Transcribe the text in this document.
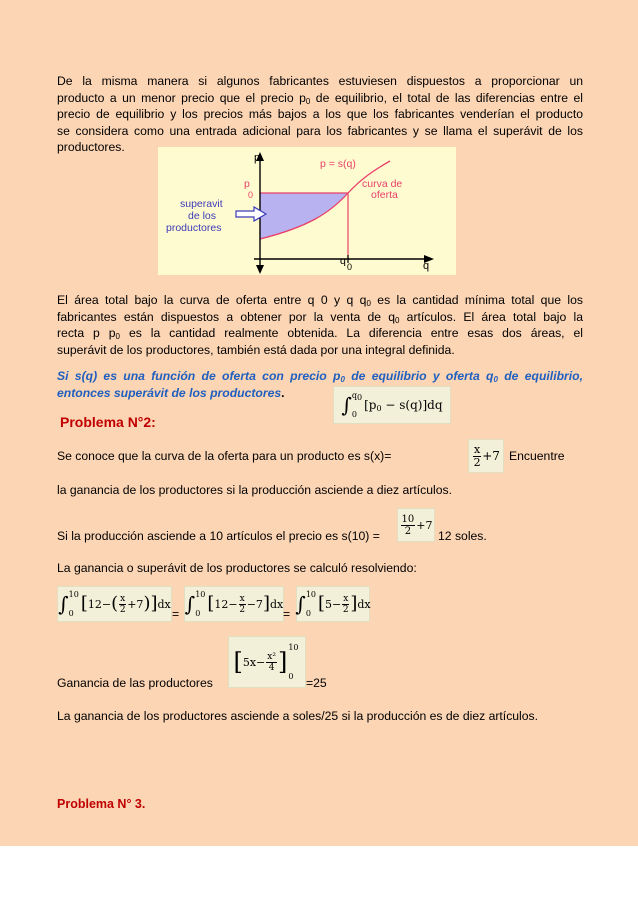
De la misma manera si algunos fabricantes estuviesen dispuestos a proporcionar un
producto a un menor precio que el precio $p_0$ de equilibrio, el total de las diferencias entre el
precio de equilibrio y los precios más bajos a los que los fabricantes venderían el producto
se considera como una entrada adicional para los fabricantes y se llama el superávit de los
productores.
p
q
p = s(q)
curva de
oferta
p
0
q 0
superavit
de los
productores
El área total bajo la curva de oferta entre q 0 y q $q_0$ es la cantidad mínima total que los
fabricantes están dispuestos a obtener por la venta de $q_0$ artículos. El área total bajo la
recta p $p_0$ es la cantidad realmente obtenida. La diferencia entre esas dos áreas, el
superávit de los productores, también está dada por una integral definida.
Si s(q) es una función de oferta con precio $p_0$ de equilibrio y oferta $q_0$ de equilibrio,
entonces superávit de los productores.
∫ $q_0$
0
$[p_0 - s(q)]dq$
Problema N°2:
Se conoce que la curva de la oferta para un producto es s(x)=	$\frac{x}{2} +7$ Encuentre
la ganancia de los productores si la producción asciende a diez artículos.
Si la producción asciende a 10 artículos el precio es s(10) =	$\frac{10}{2} +7$
12 soles.
La ganancia o superávit de los productores se calculó resolviendo:
∫ 10
0 [ 12− ( $\frac{x}{2} +7$ ) ] dx
= ∫ 10
0 [ $12- \frac{x}{2} -7$ ] dx
= ∫ 10
0 [ $5- \frac{x}{2}$ ] dx
Ganancia de las productores
[ $5x- \frac{\text{x²}}{4}$ ]
10
0	=25
La ganancia de los productores asciende a soles/25 si la producción es de diez artículos.
Problema N° 3.
